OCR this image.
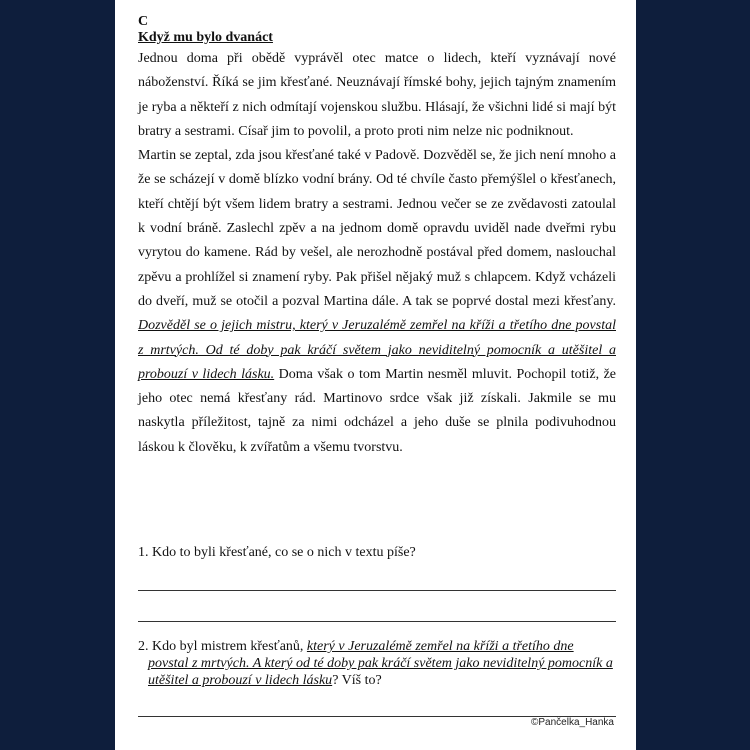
C
Když mu bylo dvanáct

Jednou doma při obědě vyprávěl otec matce o lidech, kteří vyznávají nové náboženství. Říká se jim křesťané. Neuznávají římské bohy, jejich tajným znamením je ryba a někteří z nich odmítají vojenskou službu. Hlásají, že všichni lidé si mají být bratry a sestrami. Císař jim to povolil, a proto proti nim nelze nic podniknout.

Martin se zeptal, zda jsou křesťané také v Padově. Dozvěděl se, že jich není mnoho a že se scházejí v domě blízko vodní brány. Od té chvíle často přemýšlel o křesťanech, kteří chtějí být všem lidem bratry a sestrami. Jednou večer se ze zvědavosti zatoulal k vodní bráně. Zaslechl zpěv a na jednom domě opravdu uviděl nade dveřmi rybu vyrytou do kamene. Rád by vešel, ale nerozhodně postával před domem, naslouchal zpěvu a prohlížel si znamení ryby. Pak přišel nějaký muž s chlapcem. Když vcházeli do dveří, muž se otočil a pozval Martina dále. A tak se poprvé dostal mezi křesťany. Dozvěděl se o jejich mistru, který v Jeruzalémě zemřel na kříži a třetího dne povstal z mrtvých. Od té doby pak kráčí světem jako neviditelný pomocník a utěšitel a probouzí v lidech lásku. Doma však o tom Martin nesměl mluvit. Pochopil totiž, že jeho otec nemá křesťany rád. Martinovo srdce však již získali. Jakmile se mu naskytla příležitost, tajně za nimi odcházel a jeho duše se plnila podivuhodnou láskou k člověku, k zvířatům a všemu tvorstvu.

1. Kdo to byli křesťané, co se o nich v textu píše?

2. Kdo byl mistrem křesťanů, který v Jeruzalémě zemřel na kříži a třetího dne povstal z mrtvých. A který od té doby pak kráčí světem jako neviditelný pomocník a utěšitel a probouzí v lidech lásku? Víš to?

©Pančelka_Hanka
